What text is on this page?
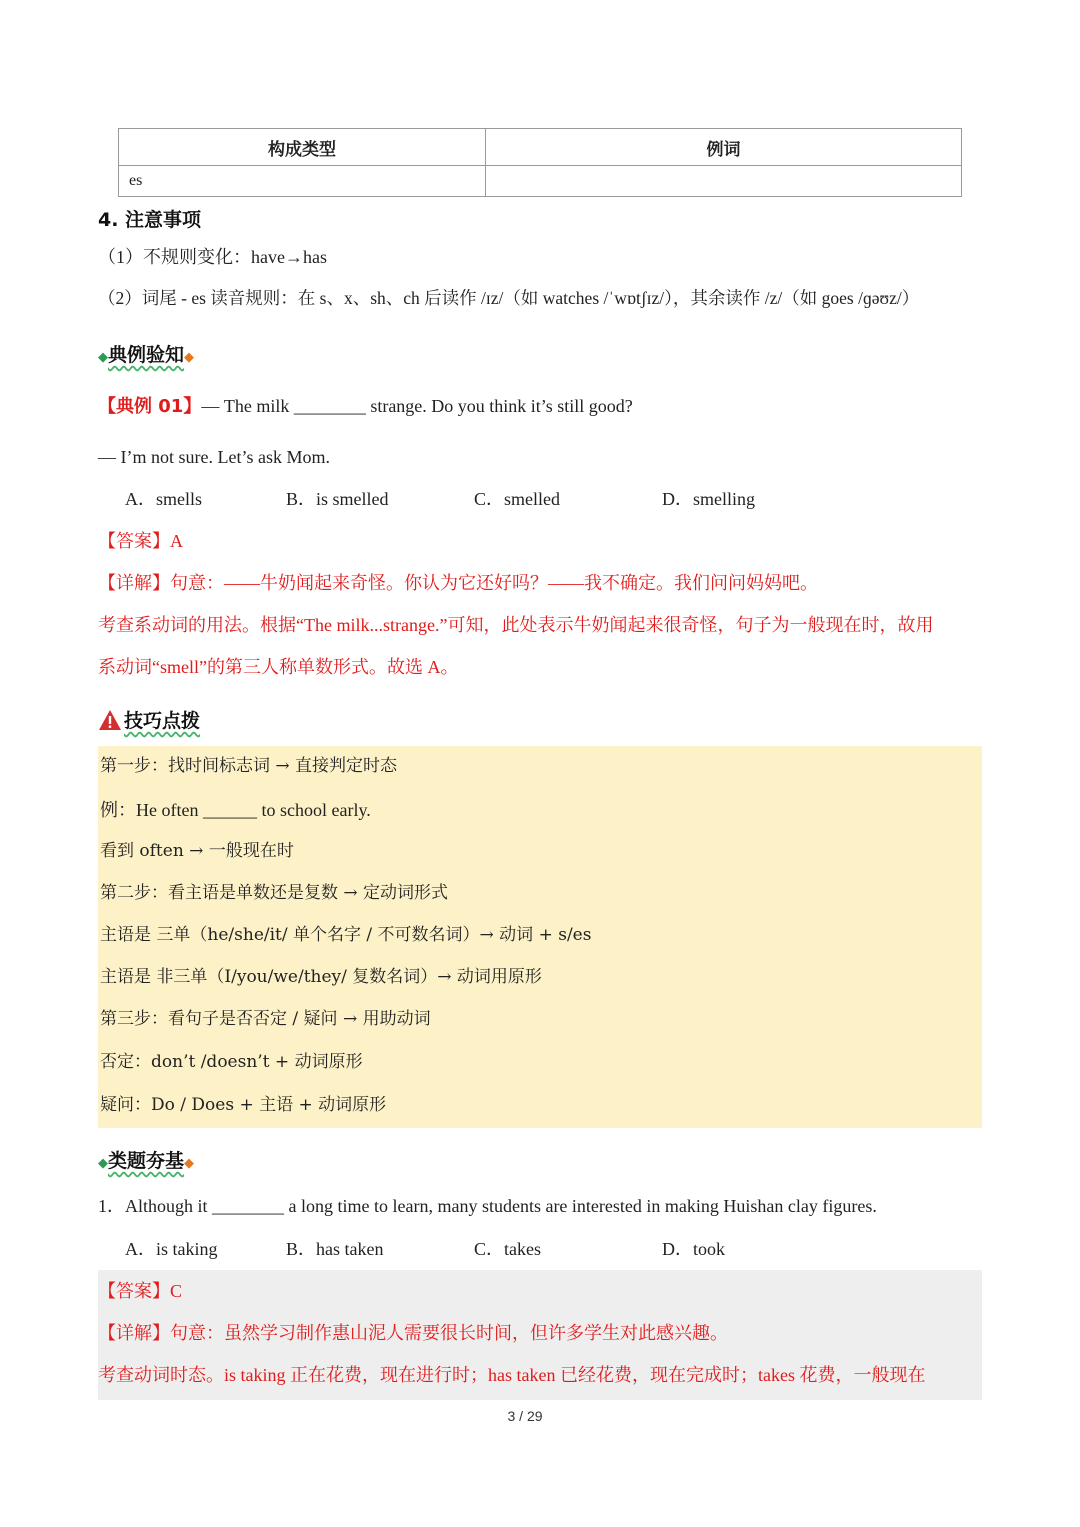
构成类型	例词
es	
4. 注意事项
（1）不规则变化：have→has
（2）词尾 - es 读音规则：在 s、x、sh、ch 后读作 /ɪz/（如 watches /ˈwɒtʃɪz/），其余读作 /z/（如 goes /ɡəʊz/）
◆典例验知◆
【典例 01】— The milk ________ strange. Do you think it’s still good?
— I’m not sure. Let’s ask Mom.
A．smells	B．is smelled	C．smelled	D．smelling
【答案】A
【详解】句意：——牛奶闻起来奇怪。你认为它还好吗？——我不确定。我们问问妈妈吧。
考查系动词的用法。根据“The milk...strange.”可知，此处表示牛奶闻起来很奇怪，句子为一般现在时，故用
系动词“smell”的第三人称单数形式。故选 A。
技巧点拨
第一步：找时间标志词 → 直接判定时态
例：He often ______ to school early.
看到 often → 一般现在时
第二步：看主语是单数还是复数 → 定动词形式
主语是 三单（he/she/it/ 单个名字 / 不可数名词）→ 动词 + s/es
主语是 非三单（I/you/we/they/ 复数名词）→ 动词用原形
第三步：看句子是否否定 / 疑问 → 用助动词
否定：don’t /doesn’t + 动词原形
疑问：Do / Does + 主语 + 动词原形
◆类题夯基◆
1．Although it ________ a long time to learn, many students are interested in making Huishan clay figures.
A．is taking	B．has taken	C．takes	D．took
【答案】C
【详解】句意：虽然学习制作惠山泥人需要很长时间，但许多学生对此感兴趣。
考查动词时态。is taking 正在花费，现在进行时；has taken 已经花费，现在完成时；takes 花费，一般现在
3 / 29
